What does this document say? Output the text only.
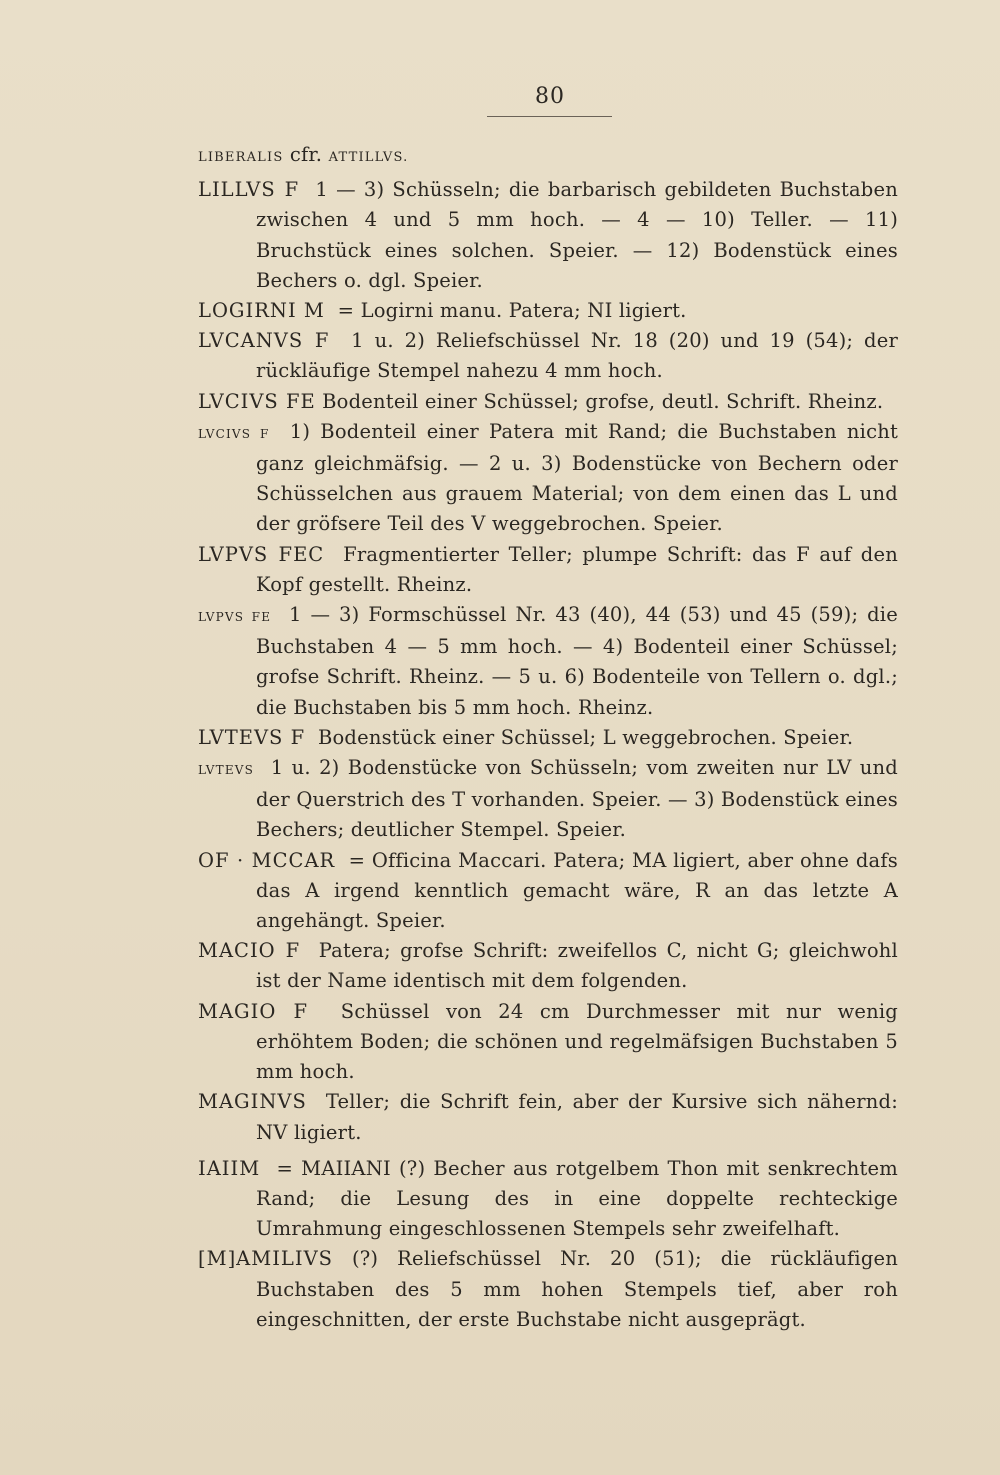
80

LIBERALIS cfr. ATTILLVS.

LILLVS F 1 — 3) Schüsseln; die barbarisch gebildeten Buchstaben zwischen 4 und 5 mm hoch. — 4 — 10) Teller. — 11) Bruchstück eines solchen. Speier. — 12) Bodenstück eines Bechers o. dgl. Speier.

LOGIRNI M = Logirni manu. Patera; NI ligiert.

LVCANVS F 1 u. 2) Reliefschüssel Nr. 18 (20) und 19 (54); der rückläufige Stempel nahezu 4 mm hoch.

LVCIVS FE Bodenteil einer Schüssel; grofse, deutl. Schrift. Rheinz.

LVCIVS F 1) Bodenteil einer Patera mit Rand; die Buchstaben nicht ganz gleichmäfsig. — 2 u. 3) Bodenstücke von Bechern oder Schüsselchen aus grauem Material; von dem einen das L und der gröfsere Teil des V weggebrochen. Speier.

LVPVS FEC Fragmentierter Teller; plumpe Schrift: das F auf den Kopf gestellt. Rheinz.

LVPVS FE 1 — 3) Formschüssel Nr. 43 (40), 44 (53) und 45 (59); die Buchstaben 4 — 5 mm hoch. — 4) Bodenteil einer Schüssel; grofse Schrift. Rheinz. — 5 u. 6) Bodenteile von Tellern o. dgl.; die Buchstaben bis 5 mm hoch. Rheinz.

LVTEVS F Bodenstück einer Schüssel; L weggebrochen. Speier.

LVTEVS 1 u. 2) Bodenstücke von Schüsseln; vom zweiten nur LV und der Querstrich des T vorhanden. Speier. — 3) Bodenstück eines Bechers; deutlicher Stempel. Speier.

OF · MCCAR = Officina Maccari. Patera; MA ligiert, aber ohne dafs das A irgend kenntlich gemacht wäre, R an das letzte A angehängt. Speier.

MACIO F Patera; grofse Schrift: zweifellos C, nicht G; gleichwohl ist der Name identisch mit dem folgenden.

MAGIO F Schüssel von 24 cm Durchmesser mit nur wenig erhöhtem Boden; die schönen und regelmäfsigen Buchstaben 5 mm hoch.

MAGINVS Teller; die Schrift fein, aber der Kursive sich nähernd: NV ligiert.

IAIIM = MAIIANI (?) Becher aus rotgelbem Thon mit senkrechtem Rand; die Lesung des in eine doppelte rechteckige Umrahmung eingeschlossenen Stempels sehr zweifelhaft.

[M]AMILIVS (?) Reliefschüssel Nr. 20 (51); die rückläufigen Buchstaben des 5 mm hohen Stempels tief, aber roh eingeschnitten, der erste Buchstabe nicht ausgeprägt.
